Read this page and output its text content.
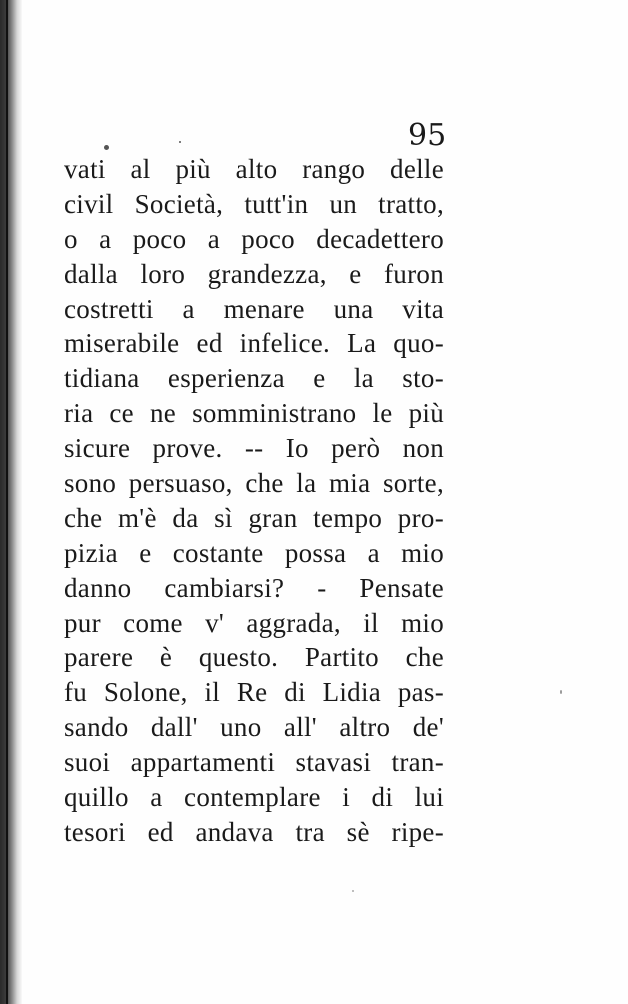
95
vati al più alto rango delle
civil Società, tutt'in un tratto,
o a poco a poco decadettero
dalla loro grandezza, e furon
costretti a menare una vita
miserabile ed infelice. La quo-
tidiana esperienza e la sto-
ria ce ne somministrano le più
sicure prove. -- Io però non
sono persuaso, che la mia sorte,
che m'è da sì gran tempo pro-
pizia e costante possa a mio
danno cambiarsi? - Pensate
pur come v' aggrada, il mio
parere è questo. Partito che
fu Solone, il Re di Lidia pas-
sando dall' uno all' altro de'
suoi appartamenti stavasi tran-
quillo a contemplare i di lui
tesori ed andava tra sè ripe-
